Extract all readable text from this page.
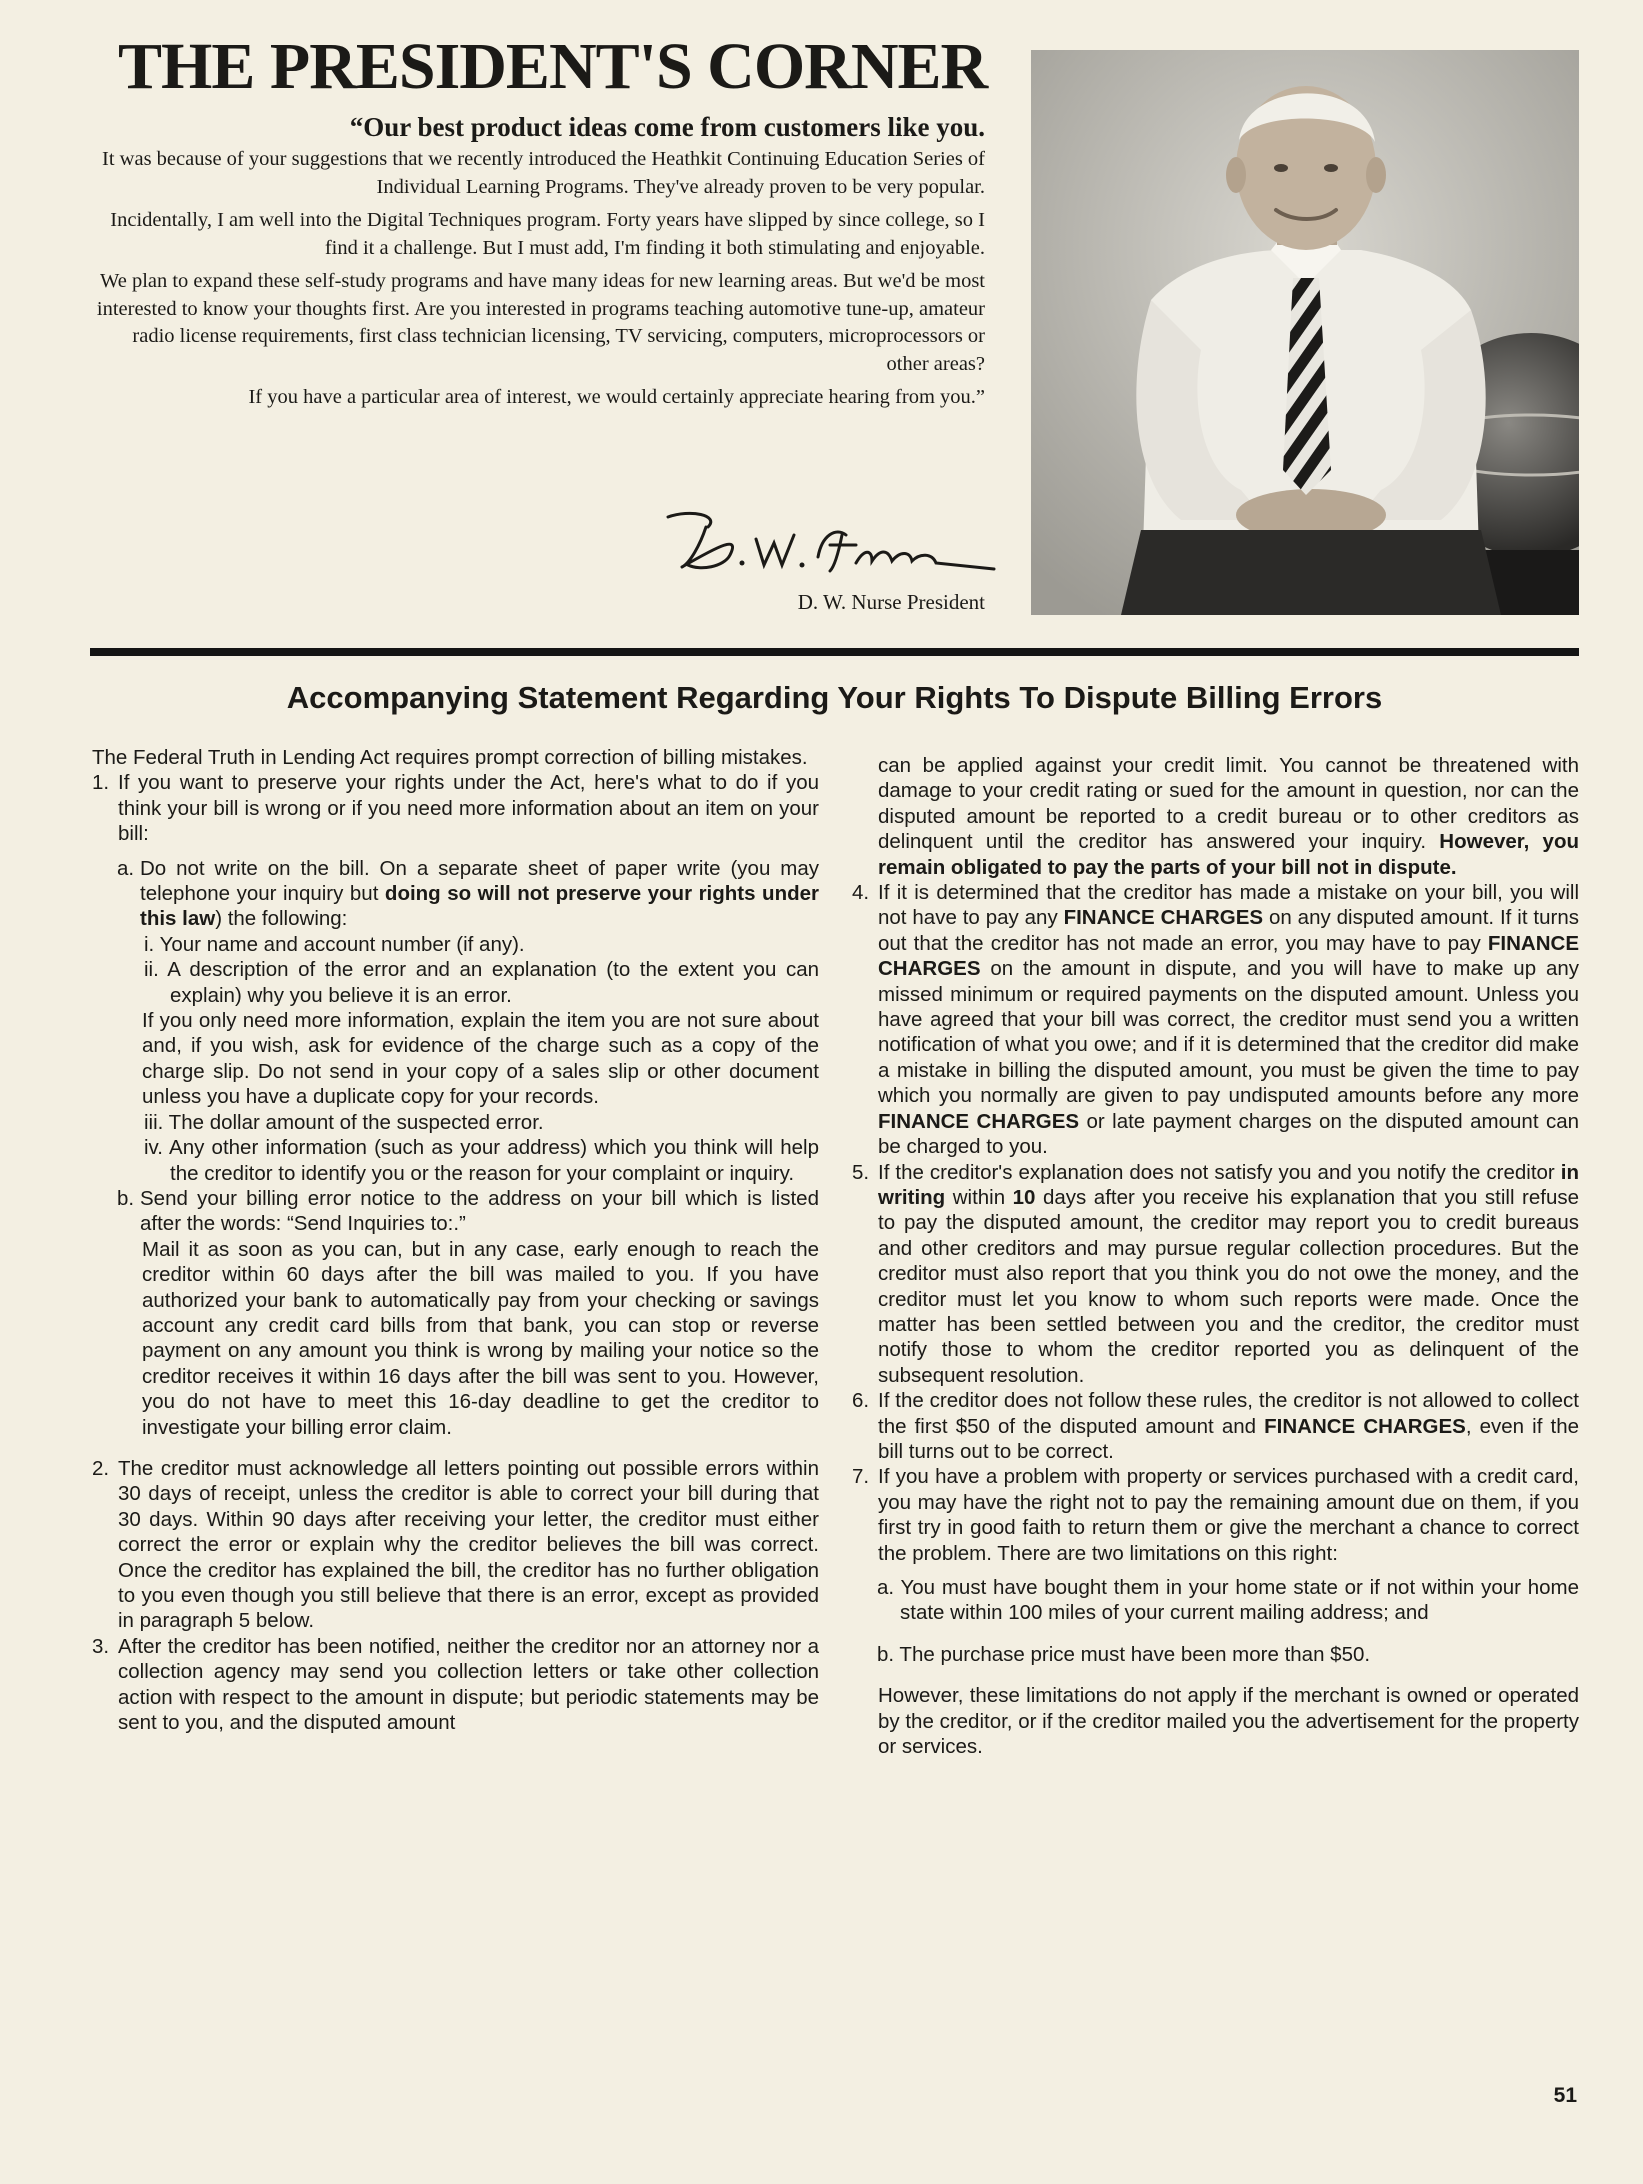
THE PRESIDENT'S CORNER

“Our best product ideas come from customers like you.

It was because of your suggestions that we recently introduced the Heathkit Continuing Education Series of Individual Learning Programs. They've already proven to be very popular.

Incidentally, I am well into the Digital Techniques program. Forty years have slipped by since college, so I find it a challenge. But I must add, I'm finding it both stimulating and enjoyable.

We plan to expand these self-study programs and have many ideas for new learning areas. But we'd be most interested to know your thoughts first. Are you interested in programs teaching automotive tune-up, amateur radio license requirements, first class technician licensing, TV servicing, computers, microprocessors or other areas?

If you have a particular area of interest, we would certainly appreciate hearing from you.”

D. W. Nurse President
Accompanying Statement Regarding Your Rights To Dispute Billing Errors

The Federal Truth in Lending Act requires prompt correction of billing mistakes.

1. If you want to preserve your rights under the Act, here's what to do if you think your bill is wrong or if you need more information about an item on your bill:

a. Do not write on the bill. On a separate sheet of paper write (you may telephone your inquiry but doing so will not preserve your rights under this law) the following:

i. Your name and account number (if any).

ii. A description of the error and an explanation (to the extent you can explain) why you believe it is an error.

If you only need more information, explain the item you are not sure about and, if you wish, ask for evidence of the charge such as a copy of the charge slip. Do not send in your copy of a sales slip or other document unless you have a duplicate copy for your records.

iii. The dollar amount of the suspected error.

iv. Any other information (such as your address) which you think will help the creditor to identify you or the reason for your complaint or inquiry.

b. Send your billing error notice to the address on your bill which is listed after the words: “Send Inquiries to:.”

Mail it as soon as you can, but in any case, early enough to reach the creditor within 60 days after the bill was mailed to you. If you have authorized your bank to automatically pay from your checking or savings account any credit card bills from that bank, you can stop or reverse payment on any amount you think is wrong by mailing your notice so the creditor receives it within 16 days after the bill was sent to you. However, you do not have to meet this 16-day deadline to get the creditor to investigate your billing error claim.

2. The creditor must acknowledge all letters pointing out possible errors within 30 days of receipt, unless the creditor is able to correct your bill during that 30 days. Within 90 days after receiving your letter, the creditor must either correct the error or explain why the creditor believes the bill was correct. Once the creditor has explained the bill, the creditor has no further obligation to you even though you still believe that there is an error, except as provided in paragraph 5 below.

3. After the creditor has been notified, neither the creditor nor an attorney nor a collection agency may send you collection letters or take other collection action with respect to the amount in dispute; but periodic statements may be sent to you, and the disputed amount

can be applied against your credit limit. You cannot be threatened with damage to your credit rating or sued for the amount in question, nor can the disputed amount be reported to a credit bureau or to other creditors as delinquent until the creditor has answered your inquiry. However, you remain obligated to pay the parts of your bill not in dispute.

4. If it is determined that the creditor has made a mistake on your bill, you will not have to pay any FINANCE CHARGES on any disputed amount. If it turns out that the creditor has not made an error, you may have to pay FINANCE CHARGES on the amount in dispute, and you will have to make up any missed minimum or required payments on the disputed amount. Unless you have agreed that your bill was correct, the creditor must send you a written notification of what you owe; and if it is determined that the creditor did make a mistake in billing the disputed amount, you must be given the time to pay which you normally are given to pay undisputed amounts before any more FINANCE CHARGES or late payment charges on the disputed amount can be charged to you.

5. If the creditor's explanation does not satisfy you and you notify the creditor in writing within 10 days after you receive his explanation that you still refuse to pay the disputed amount, the creditor may report you to credit bureaus and other creditors and may pursue regular collection procedures. But the creditor must also report that you think you do not owe the money, and the creditor must let you know to whom such reports were made. Once the matter has been settled between you and the creditor, the creditor must notify those to whom the creditor reported you as delinquent of the subsequent resolution.

6. If the creditor does not follow these rules, the creditor is not allowed to collect the first $50 of the disputed amount and FINANCE CHARGES, even if the bill turns out to be correct.

7. If you have a problem with property or services purchased with a credit card, you may have the right not to pay the remaining amount due on them, if you first try in good faith to return them or give the merchant a chance to correct the problem. There are two limitations on this right:

a. You must have bought them in your home state or if not within your home state within 100 miles of your current mailing address; and

b. The purchase price must have been more than $50.

However, these limitations do not apply if the merchant is owned or operated by the creditor, or if the creditor mailed you the advertisement for the property or services.

51
